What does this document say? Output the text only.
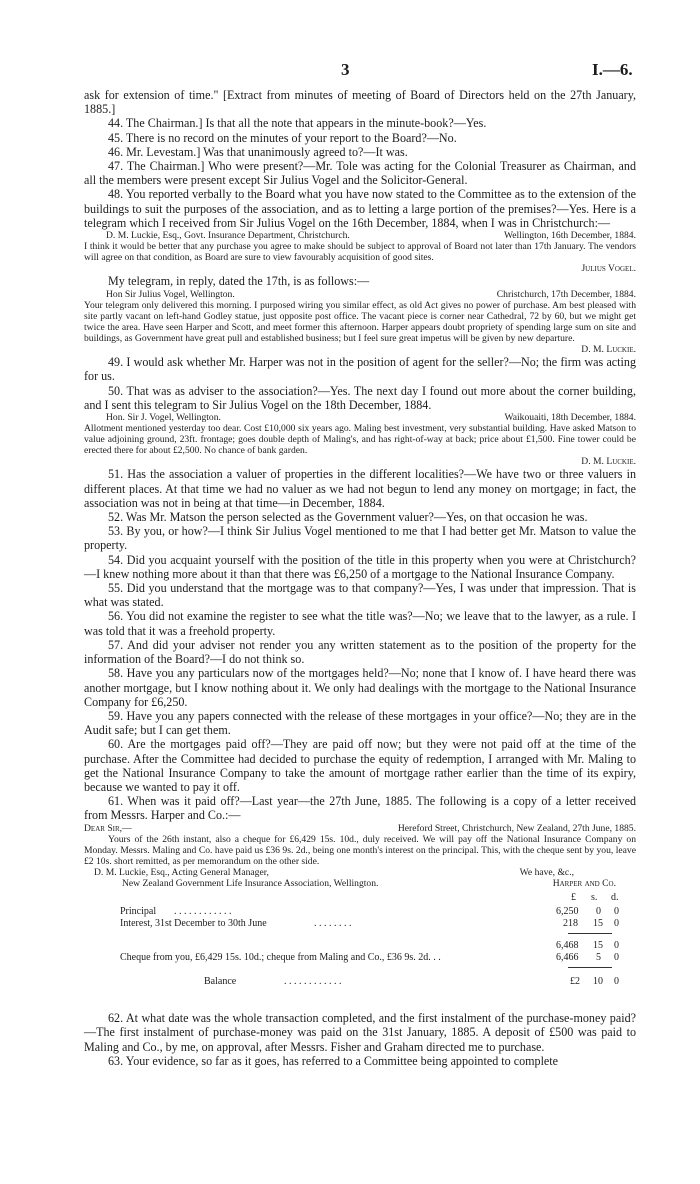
3	I.—6.

ask for extension of time." [Extract from minutes of meeting of Board of Directors held on the 27th January, 1885.]

44. The Chairman.] Is that all the note that appears in the minute-book?—Yes.

45. There is no record on the minutes of your report to the Board?—No.

46. Mr. Levestam.] Was that unanimously agreed to?—It was.

47. The Chairman.] Who were present?—Mr. Tole was acting for the Colonial Treasurer as Chairman, and all the members were present except Sir Julius Vogel and the Solicitor-General.

48. You reported verbally to the Board what you have now stated to the Committee as to the extension of the buildings to suit the purposes of the association, and as to letting a large portion of the premises?—Yes. Here is a telegram which I received from Sir Julius Vogel on the 16th December, 1884, when I was in Christchurch:—

D. M. Luckie, Esq., Govt. Insurance Department, Christchurch.	Wellington, 16th December, 1884.

I think it would be better that any purchase you agree to make should be subject to approval of Board not later than 17th January. The vendors will agree on that condition, as Board are sure to view favourably acquisition of good sites.

Julius Vogel.

My telegram, in reply, dated the 17th, is as follows:—

Hon Sir Julius Vogel, Wellington.	Christchurch, 17th December, 1884.

Your telegram only delivered this morning. I purposed wiring you similar effect, as old Act gives no power of purchase. Am best pleased with site partly vacant on left-hand Godley statue, just opposite post office. The vacant piece is corner near Cathedral, 72 by 60, but we might get twice the area. Have seen Harper and Scott, and meet former this afternoon. Harper appears doubt propriety of spending large sum on site and buildings, as Government have great pull and established business; but I feel sure great impetus will be given by new departure.

D. M. Luckie.

49. I would ask whether Mr. Harper was not in the position of agent for the seller?—No; the firm was acting for us.

50. That was as adviser to the association?—Yes. The next day I found out more about the corner building, and I sent this telegram to Sir Julius Vogel on the 18th December, 1884.

Hon. Sir J. Vogel, Wellington.	Waikouaiti, 18th December, 1884.

Allotment mentioned yesterday too dear. Cost £10,000 six years ago. Maling best investment, very substantial building. Have asked Matson to value adjoining ground, 23ft. frontage; goes double depth of Maling's, and has right-of-way at back; price about £1,500. Fine tower could be erected there for about £2,500. No chance of bank garden.

D. M. Luckie.

51. Has the association a valuer of properties in the different localities?—We have two or three valuers in different places. At that time we had no valuer as we had not begun to lend any money on mortgage; in fact, the association was not in being at that time—in December, 1884.

52. Was Mr. Matson the person selected as the Government valuer?—Yes, on that occasion he was.

53. By you, or how?—I think Sir Julius Vogel mentioned to me that I had better get Mr. Matson to value the property.

54. Did you acquaint yourself with the position of the title in this property when you were at Christchurch?—I knew nothing more about it than that there was £6,250 of a mortgage to the National Insurance Company.

55. Did you understand that the mortgage was to that company?—Yes, I was under that impression. That is what was stated.

56. You did not examine the register to see what the title was?—No; we leave that to the lawyer, as a rule. I was told that it was a freehold property.

57. And did your adviser not render you any written statement as to the position of the property for the information of the Board?—I do not think so.

58. Have you any particulars now of the mortgages held?—No; none that I know of. I have heard there was another mortgage, but I know nothing about it. We only had dealings with the mortgage to the National Insurance Company for £6,250.

59. Have you any papers connected with the release of these mortgages in your office?—No; they are in the Audit safe; but I can get them.

60. Are the mortgages paid off?—They are paid off now; but they were not paid off at the time of the purchase. After the Committee had decided to purchase the equity of redemption, I arranged with Mr. Maling to get the National Insurance Company to take the amount of mortgage rather earlier than the time of its expiry, because we wanted to pay it off.

61. When was it paid off?—Last year—the 27th June, 1885. The following is a copy of a letter received from Messrs. Harper and Co.:—

Dear Sir,—	Hereford Street, Christchurch, New Zealand, 27th June, 1885.

Yours of the 26th instant, also a cheque for £6,429 15s. 10d., duly received. We will pay off the National Insurance Company on Monday. Messrs. Maling and Co. have paid us £36 9s. 2d., being one month's interest on the principal. This, with the cheque sent by you, leave £2 10s. short remitted, as per memorandum on the other side.

D. M. Luckie, Esq., Acting General Manager,	We have, &c.,
New Zealand Government Life Insurance Association, Wellington.	Harper and Co.
£ s. d.
Principal . . . . . . . . . . . .	6,250 0 0
Interest, 31st December to 30th June	. . . . . . . .	218 15 0
6,468 15 0
Cheque from you, £6,429 15s. 10d.; cheque from Maling and Co., £36 9s. 2d. . .	6,466 5 0
Balance	. . . . . . . . . . . .	£2 10 0

62. At what date was the whole transaction completed, and the first instalment of the purchase-money paid?—The first instalment of purchase-money was paid on the 31st January, 1885. A deposit of £500 was paid to Maling and Co., by me, on approval, after Messrs. Fisher and Graham directed me to purchase.

63. Your evidence, so far as it goes, has referred to a Committee being appointed to complete
